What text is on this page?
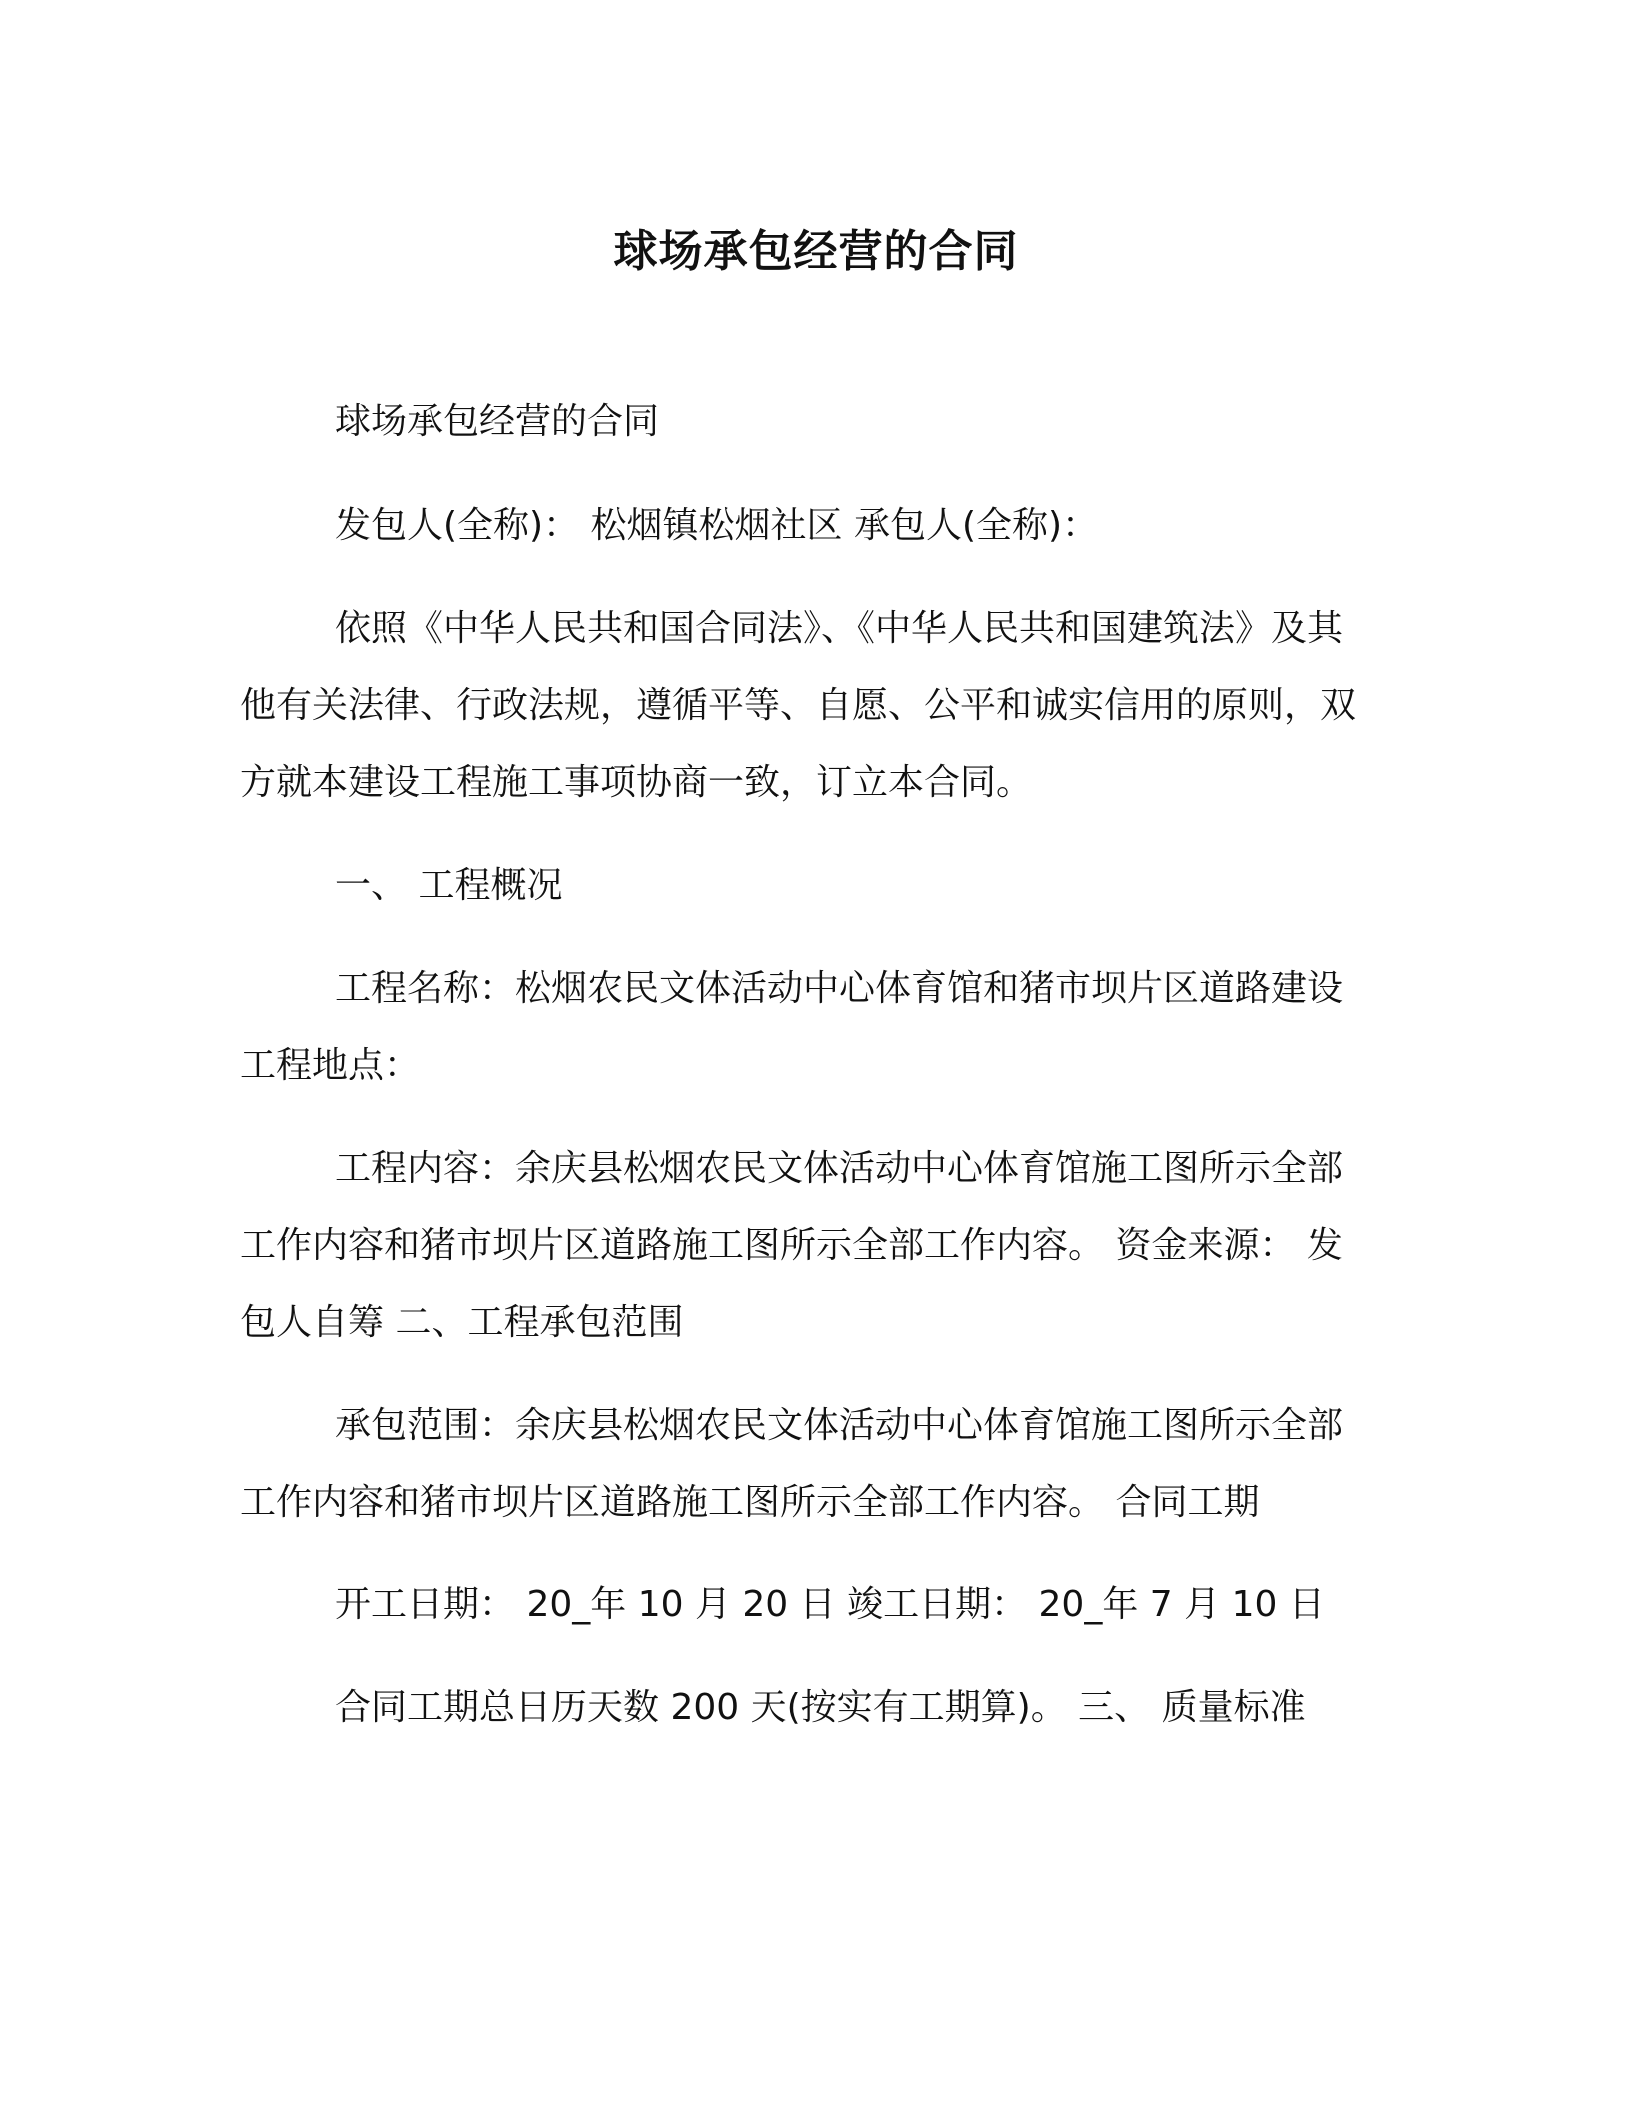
球场承包经营的合同

球场承包经营的合同

发包人(全称)： 松烟镇松烟社区 承包人(全称)：

依照《中华人民共和国合同法》、《中华人民共和国建筑法》及其他有关法律、行政法规，遵循平等、自愿、公平和诚实信用的原则，双方就本建设工程施工事项协商一致，订立本合同。

一、 工程概况

工程名称：松烟农民文体活动中心体育馆和猪市坝片区道路建设工程地点：

工程内容：余庆县松烟农民文体活动中心体育馆施工图所示全部工作内容和猪市坝片区道路施工图所示全部工作内容。 资金来源： 发包人自筹 二、工程承包范围

承包范围：余庆县松烟农民文体活动中心体育馆施工图所示全部工作内容和猪市坝片区道路施工图所示全部工作内容。 合同工期

开工日期： 20_年 10 月 20 日 竣工日期： 20_年 7 月 10 日

合同工期总日历天数 200 天(按实有工期算)。 三、 质量标准
